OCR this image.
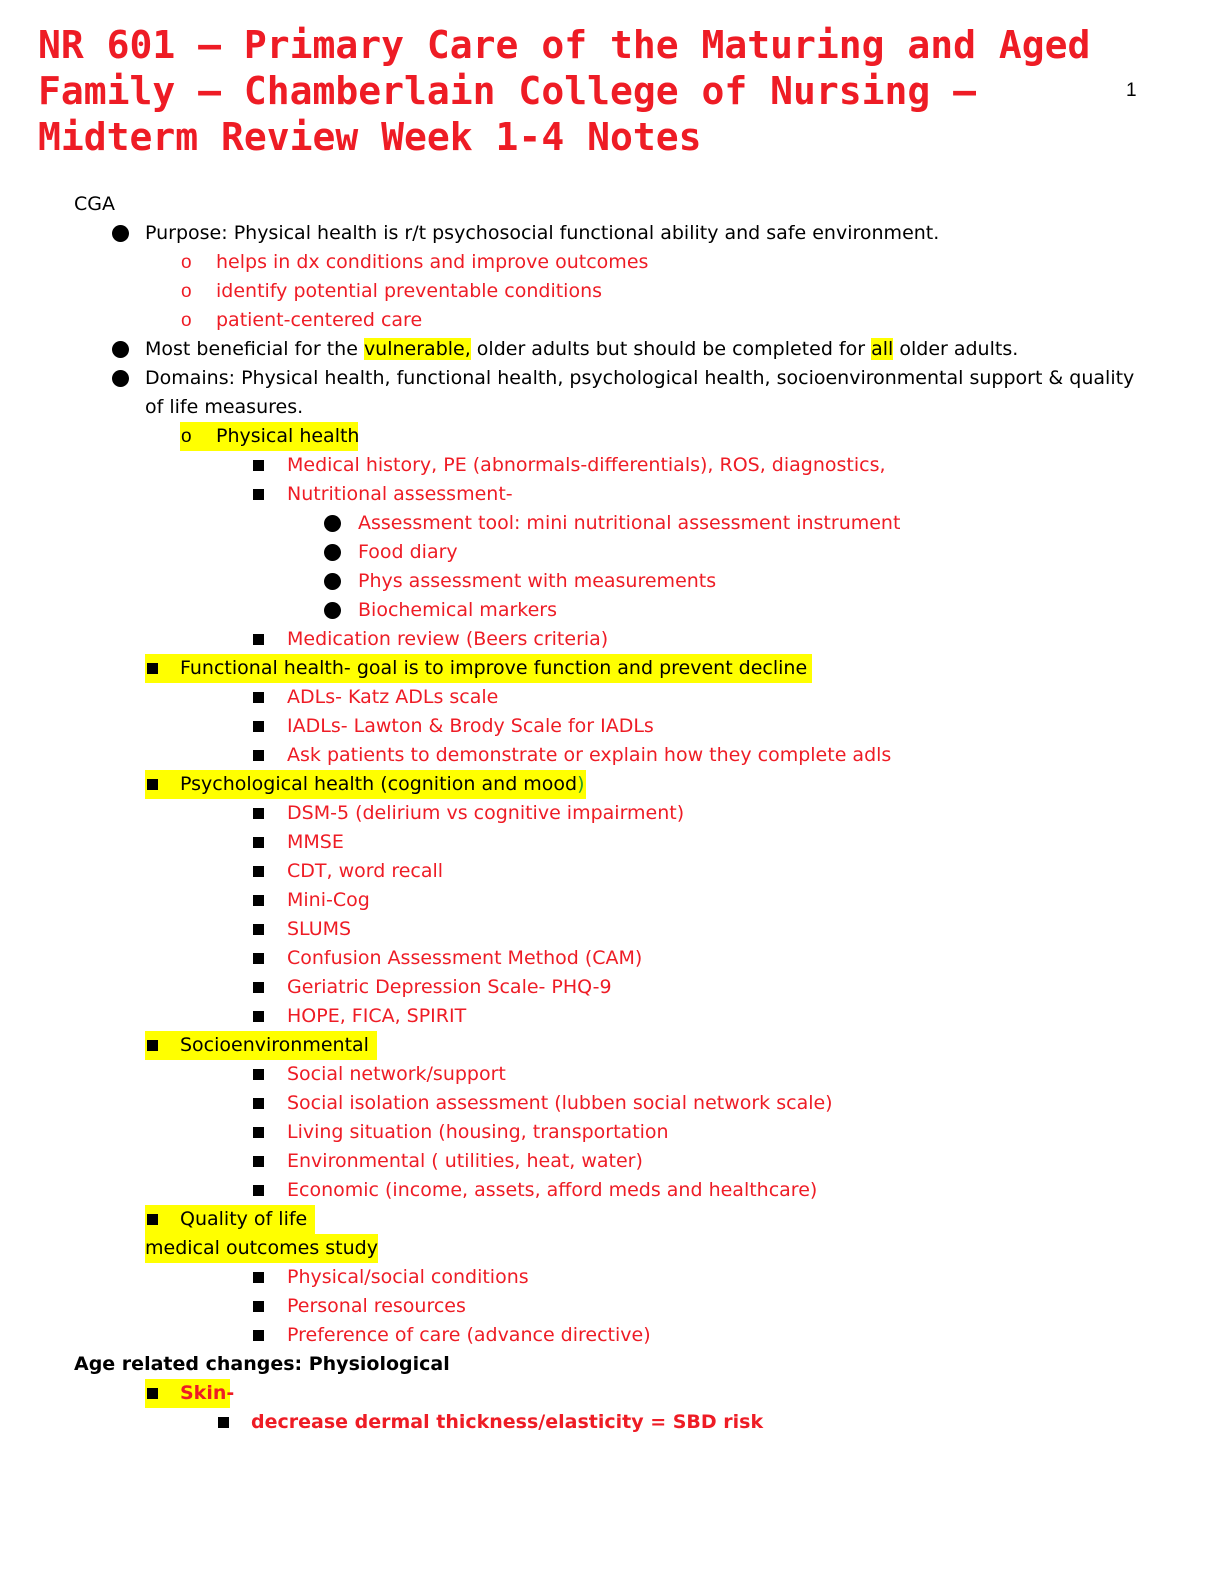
NR 601 – Primary Care of the Maturing and Aged Family – Chamberlain College of Nursing – Midterm Review Week 1-4 Notes
1
CGA
Purpose: Physical health is r/t psychosocial functional ability and safe environment.
o helps in dx conditions and improve outcomes
o identify potential preventable conditions
o patient-centered care
Most beneficial for the vulnerable, older adults but should be completed for all older adults.
Domains: Physical health, functional health, psychological health, socioenvironmental support & quality of life measures.
o Physical health
Medical history, PE (abnormals-differentials), ROS, diagnostics,
Nutritional assessment-
Assessment tool: mini nutritional assessment instrument
Food diary
Phys assessment with measurements
Biochemical markers
Medication review (Beers criteria)
Functional health- goal is to improve function and prevent decline
ADLs- Katz ADLs scale
IADLs- Lawton & Brody Scale for IADLs
Ask patients to demonstrate or explain how they complete adls
Psychological health (cognition and mood)
DSM-5 (delirium vs cognitive impairment)
MMSE
CDT, word recall
Mini-Cog
SLUMS
Confusion Assessment Method (CAM)
Geriatric Depression Scale- PHQ-9
HOPE, FICA, SPIRIT
Socioenvironmental
Social network/support
Social isolation assessment (lubben social network scale)
Living situation (housing, transportation
Environmental ( utilities, heat, water)
Economic (income, assets, afford meds and healthcare)
Quality of life
medical outcomes study
Physical/social conditions
Personal resources
Preference of care (advance directive)
Age related changes: Physiological
Skin-
decrease dermal thickness/elasticity = SBD risk
